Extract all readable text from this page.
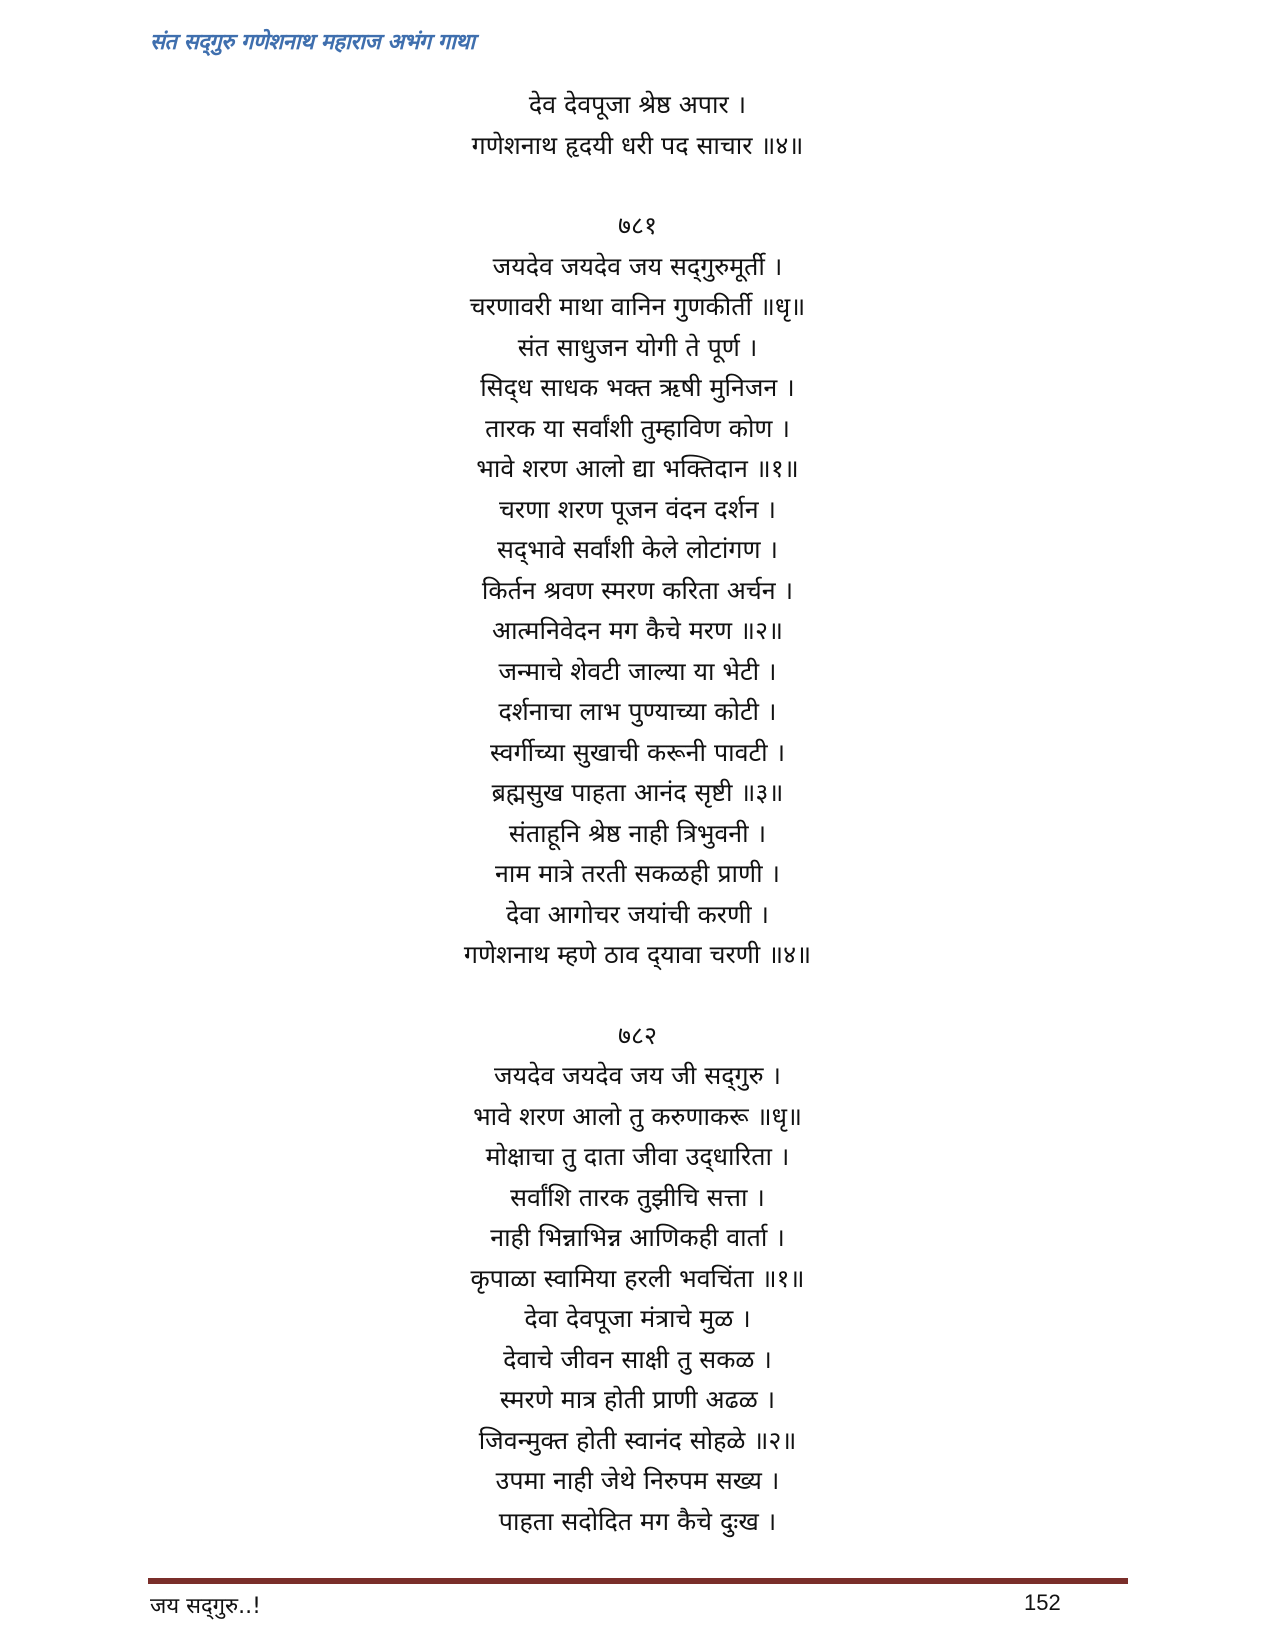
संत सद्‌गुरु गणेशनाथ महाराज अभंग गाथा
देव देवपूजा श्रेष्ठ अपार ।
गणेशनाथ हृदयी धरी पद साचार ॥४॥
७८१
जयदेव जयदेव जय सद्‌गुरुमूर्ती ।
चरणावरी माथा वानिन गुणकीर्ती ॥धृ॥
संत साधुजन योगी ते पूर्ण ।
सिद्‌ध साधक भक्त ऋषी मुनिजन ।
तारक या सर्वांशी तुम्हाविण कोण ।
भावे शरण आलो द्या भक्तिदान ॥१॥
चरणा शरण पूजन वंदन दर्शन ।
सद्‌भावे सर्वांशी केले लोटांगण ।
किर्तन श्रवण स्मरण करिता अर्चन ।
आत्मनिवेदन मग कैचे मरण ॥२॥
जन्माचे शेवटी जाल्या या भेटी ।
दर्शनाचा लाभ पुण्याच्या कोटी ।
स्वर्गीच्या सुखाची करूनी पावटी ।
ब्रह्मसुख पाहता आनंद सृष्टी ॥३॥
संताहूनि श्रेष्ठ नाही त्रिभुवनी ।
नाम मात्रे तरती सकळही प्राणी ।
देवा आगोचर जयांची करणी ।
गणेशनाथ म्हणे ठाव द्‌यावा चरणी ॥४॥
७८२
जयदेव जयदेव जय जी सद्‌गुरु ।
भावे शरण आलो तु करुणाकरू ॥धृ॥
मोक्षाचा तु दाता जीवा उद्‌धारिता ।
सर्वांशि तारक तुझीचि सत्ता ।
नाही भिन्नाभिन्न आणिकही वार्ता ।
कृपाळा स्वामिया हरली भवचिंता ॥१॥
देवा देवपूजा मंत्राचे मुळ ।
देवाचे जीवन साक्षी तु सकळ ।
स्मरणे मात्र होती प्राणी अढळ ।
जिवन्मुक्त होती स्वानंद सोहळे ॥२॥
उपमा नाही जेथे निरुपम सख्य ।
पाहता सदोदित मग कैचे दुःख ।
जय सद्‌गुरु..!	152
